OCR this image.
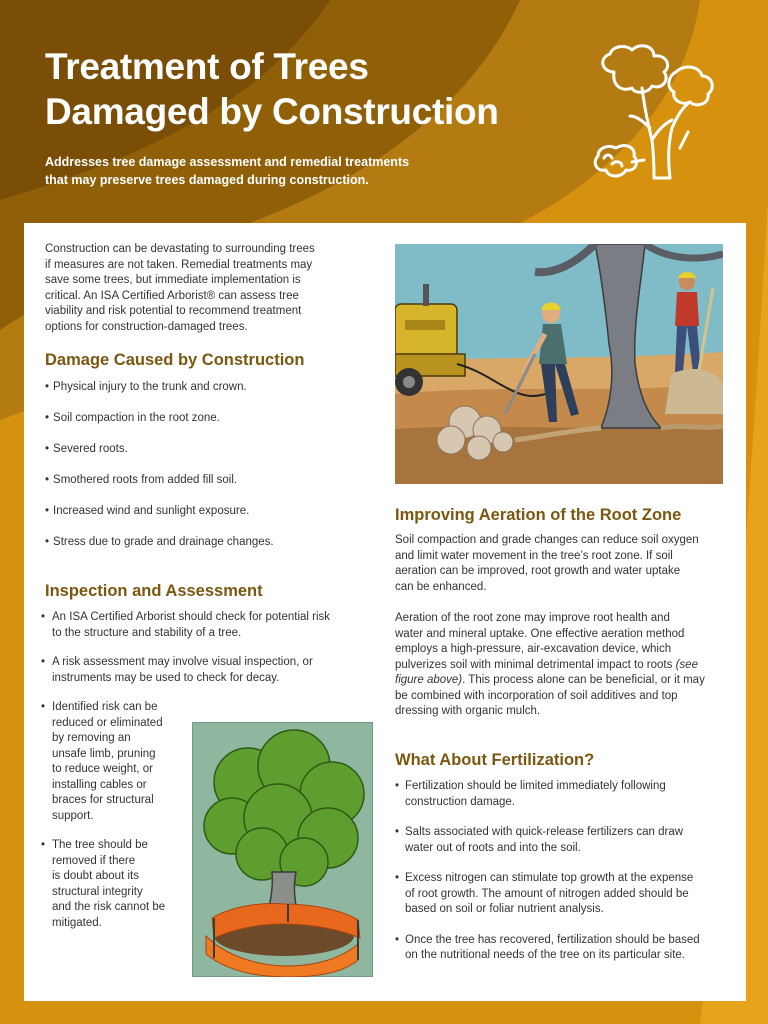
Treatment of Trees
Damaged by Construction

Addresses tree damage assessment and remedial treatments
that may preserve trees damaged during construction.

Construction can be devastating to surrounding trees
if measures are not taken. Remedial treatments may
save some trees, but immediate implementation is
critical. An ISA Certified Arborist® can assess tree
viability and risk potential to recommend treatment
options for construction-damaged trees.

Damage Caused by Construction
• Physical injury to the trunk and crown.
• Soil compaction in the root zone.
• Severed roots.
• Smothered roots from added fill soil.
• Increased wind and sunlight exposure.
• Stress due to grade and drainage changes.
Inspection and Assessment
• An ISA Certified Arborist should check for potential risk
to the structure and stability of a tree.
• A risk assessment may involve visual inspection, or
instruments may be used to check for decay.
• Identified risk can be
reduced or eliminated
by removing an
unsafe limb, pruning
to reduce weight, or
installing cables or
braces for structural
support.
• The tree should be
removed if there
is doubt about its
structural integrity
and the risk cannot be
mitigated.
Improving Aeration of the Root Zone

Soil compaction and grade changes can reduce soil oxygen
and limit water movement in the tree’s root zone. If soil
aeration can be improved, root growth and water uptake
can be enhanced.

Aeration of the root zone may improve root health and
water and mineral uptake. One effective aeration method
employs a high-pressure, air-excavation device, which
pulverizes soil with minimal detrimental impact to roots (see
figure above). This process alone can be beneficial, or it may
be combined with incorporation of soil additives and top
dressing with organic mulch.

What About Fertilization?
• Fertilization should be limited immediately following
construction damage.
• Salts associated with quick-release fertilizers can draw
water out of roots and into the soil.
• Excess nitrogen can stimulate top growth at the expense
of root growth. The amount of nitrogen added should be
based on soil or foliar nutrient analysis.
• Once the tree has recovered, fertilization should be based
on the nutritional needs of the tree on its particular site.
